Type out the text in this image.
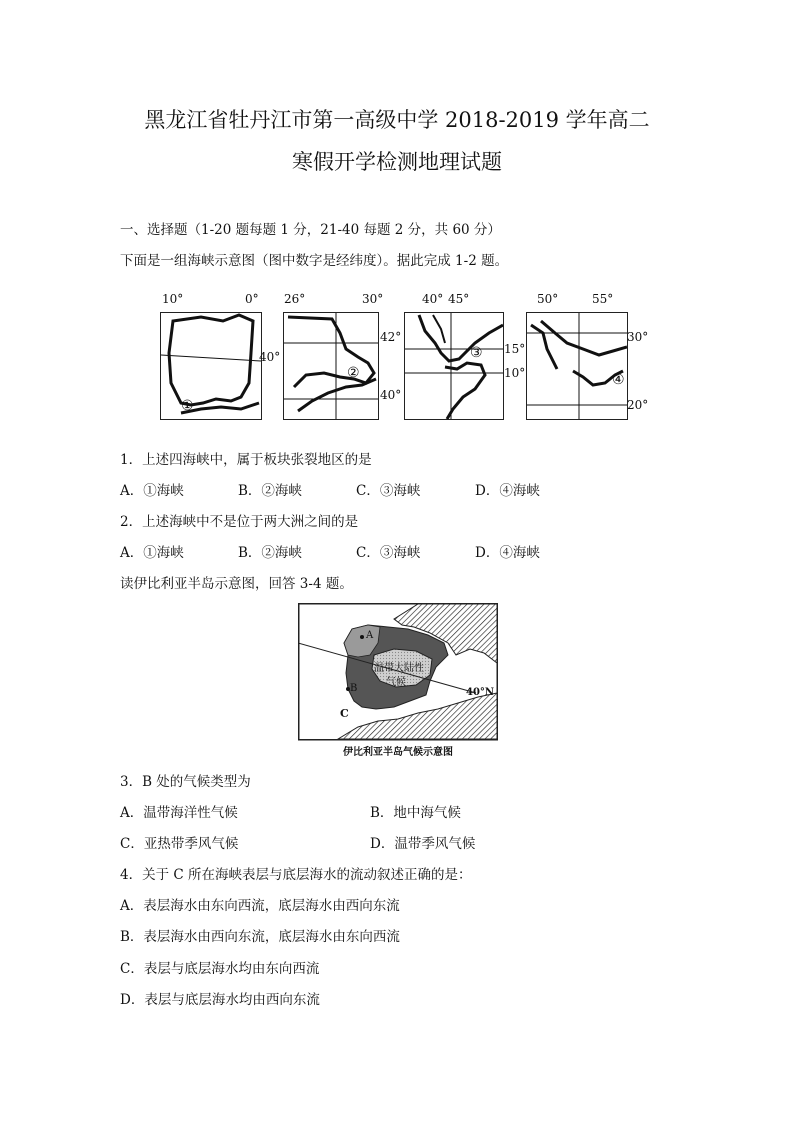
黑龙江省牡丹江市第一高级中学 2018-2019 学年高二
寒假开学检测地理试题
一、选择题（1-20 题每题 1 分，21-40 每题 2 分，共 60 分）
下面是一组海峡示意图（图中数字是经纬度）。据此完成 1-2 题。
10°	0°
40°
①
26°	30°
42°
40°
②
40° 45°
15°
10°
③
50°	55°
30°
20°
④
1．上述四海峡中，属于板块张裂地区的是
A．①海峡	B．②海峡	C．③海峡	D．④海峡
2．上述海峡中不是位于两大洲之间的是
A．①海峡	B．②海峡	C．③海峡	D．④海峡
读伊比利亚半岛示意图，回答 3-4 题。
A
B
C
温带大陆性
气候
40°N
伊比利亚半岛气候示意图
3．B 处的气候类型为
A．温带海洋性气候	B．地中海气候
C．亚热带季风气候	D．温带季风气候
4．关于 C 所在海峡表层与底层海水的流动叙述正确的是：
A．表层海水由东向西流，底层海水由西向东流
B．表层海水由西向东流，底层海水由东向西流
C．表层与底层海水均由东向西流
D．表层与底层海水均由西向东流
